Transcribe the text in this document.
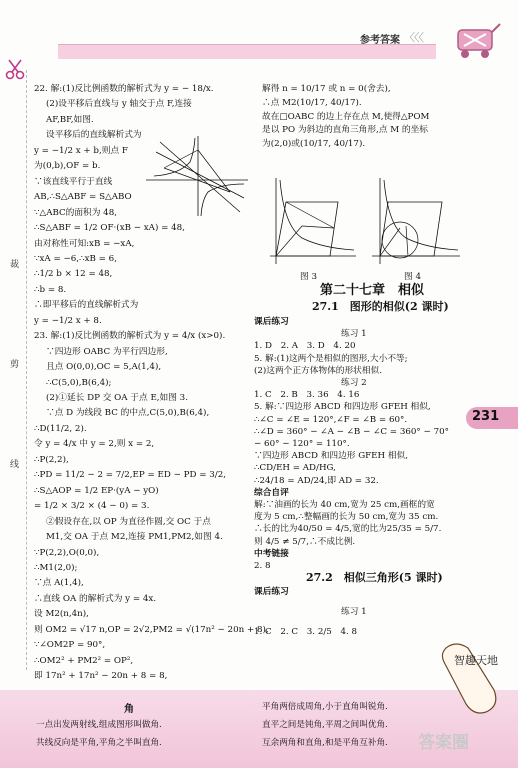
参考答案 〈〈〈
裁
剪
线
22. 解:(1)反比例函数的解析式为 y = − 18/x.
(2)设平移后直线与 y 轴交于点 F,连接
AF,BF,如图.
设平移后的直线解析式为
y = −1/2 x + b,则点 F
为(0,b),OF = b.
∵该直线平行于直线
AB,∴S△ABF = S△ABO
∵△ABC的面积为 48,
∴S△ABF = 1/2 OF·(xB − xA) = 48,
由对称性可知:xB = −xA,
∵xA = −6,∴xB = 6,
∴1/2 b × 12 = 48,
∴b = 8.
∴即平移后的直线解析式为
y = −1/2 x + 8.
23. 解:(1)反比例函数的解析式为 y = 4/x (x>0).
∵四边形 OABC 为平行四边形,
且点 O(0,0),OC = 5,A(1,4),
∴C(5,0),B(6,4);
(2)①延长 DP 交 OA 于点 E,如图 3.
∵点 D 为线段 BC 的中点,C(5,0),B(6,4),
∴D(11/2, 2).
令 y = 4/x 中 y = 2,则 x = 2,
∴P(2,2),
∴PD = 11/2 − 2 = 7/2,EP = ED − PD = 3/2,
∴S△AOP = 1/2 EP·(yA − yO)
= 1/2 × 3/2 × (4 − 0) = 3.
②假设存在,以 OP 为直径作圆,交 OC 于点
M1,交 OA 于点 M2,连接 PM1,PM2,如图 4.
∵P(2,2),O(0,0),
∴M1(2,0);
∵点 A(1,4),
∴直线 OA 的解析式为 y = 4x.
设 M2(n,4n),
则 OM2 = √17 n,OP = 2√2,PM2 = √(17n² − 20n + 8),
∵∠OM2P = 90°,
∴OM2² + PM2² = OP²,
即 17n² + 17n² − 20n + 8 = 8,
解得 n = 10/17 或 n = 0(舍去),
∴点 M2(10/17, 40/17).
故在□OABC 的边上存在点 M,使得△POM
是以 PO 为斜边的直角三角形,点 M 的坐标
为(2,0)或(10/17, 40/17).
图 3	图 4
第二十七章　相似
27.1　图形的相似(2 课时)
课后练习
练习 1
1. D　2. A　3. D　4. 20
5. 解:(1)这两个是相似的图形,大小不等;
(2)这两个正方体物体的形状相似.
练习 2
1. C　2. B　3. 36　4. 16
5. 解:∵四边形 ABCD 和四边形 GFEH 相似,
∴∠C = ∠E = 120°,∠F = ∠B = 60°.
∴∠D = 360° − ∠A − ∠B − ∠C = 360° − 70°
− 60° − 120° = 110°.
∵四边形 ABCD 和四边形 GFEH 相似,
∴CD/EH = AD/HG,
∴24/18 = AD/24,即 AD = 32.
综合自评
解:∵油画的长为 40 cm,宽为 25 cm,画框的宽
度为 5 cm,∴整幅画的长为 50 cm,宽为 35 cm.
∴长的比为40/50 = 4/5,宽的比为25/35 = 5/7.
则 4/5 ≠ 5/7,∴不成比例.
中考链接
2. 8
27.2　相似三角形(5 课时)
课后练习
练习 1
1. C　2. C　3. 2/5　4. 8
231
角
一点出发两射线,组成图形叫做角.
共线反向是平角,平角之半叫直角.
平角两倍成周角,小于直角叫锐角.
直平之间是钝角,平周之间叫优角.
互余两角和直角,和是平角互补角.
智趣天地
答案圈
